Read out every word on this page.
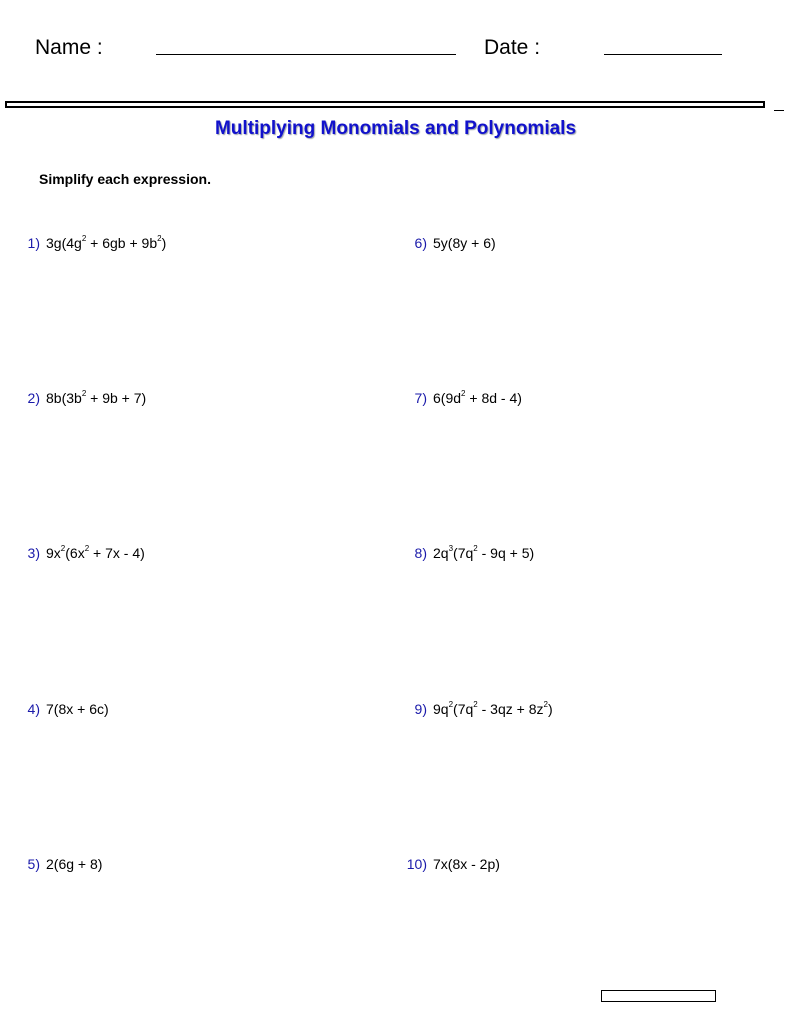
Name :	Date :
Multiplying Monomials and Polynomials
Simplify each expression.
1) $3g(4g^2 + 6gb + 9b^2)$
2) $8b(3b^2 + 9b + 7)$
3) $9x^2(6x^2 + 7x - 4)$
4) 7(8x + 6c)
5) 2(6g + 8)
6) 5y(8y + 6)
7) $6(9d^2 + 8d - 4)$
8) $2q^3(7q^2 - 9q + 5)$
9) $9q^2(7q^2 - 3qz + 8z^2)$
10) 7x(8x - 2p)
